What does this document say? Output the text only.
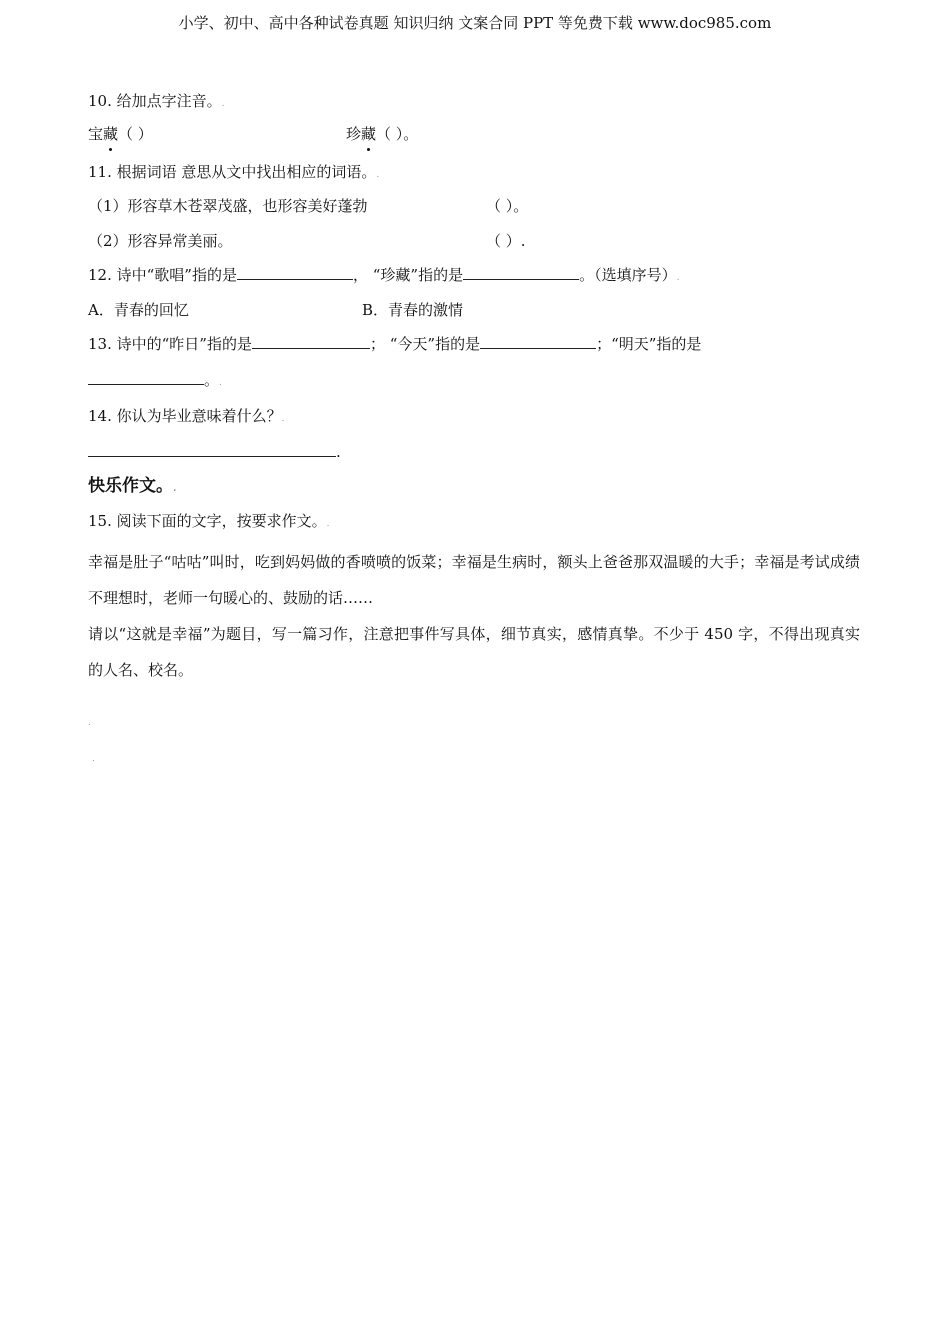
小学、初中、高中各种试卷真题 知识归纳 文案合同 PPT 等免费下载 www.doc985.com
10. 给加点字注音。.
宝藏（ ）	珍藏（ ）。
11. 根据词语 意思从文中找出相应的词语。.
（1）形容草木苍翠茂盛，也形容美好蓬勃	（ ）。
（2）形容异常美丽。	（ ）.
12. 诗中“歌唱”指的是	， “珍藏”指的是	。（选填序号）.
A．青春的回忆	B．青春的激情
13. 诗中的“昨日”指的是	； “今天”指的是	；“明天”指的是
。.
14. 你认为毕业意味着什么？.
.
快乐作文。.
15. 阅读下面的文字，按要求作文。.
幸福是肚子“咕咕”叫时，吃到妈妈做的香喷喷的饭菜；幸福是生病时，额头上爸爸那双温暖的大手；幸福是考试成绩不理想时，老师一句暖心的、鼓励的话……
请以“这就是幸福”为题目，写一篇习作，注意把事件写具体，细节真实，感情真挚。不少于 450 字，不得出现真实的人名、校名。
.
.
